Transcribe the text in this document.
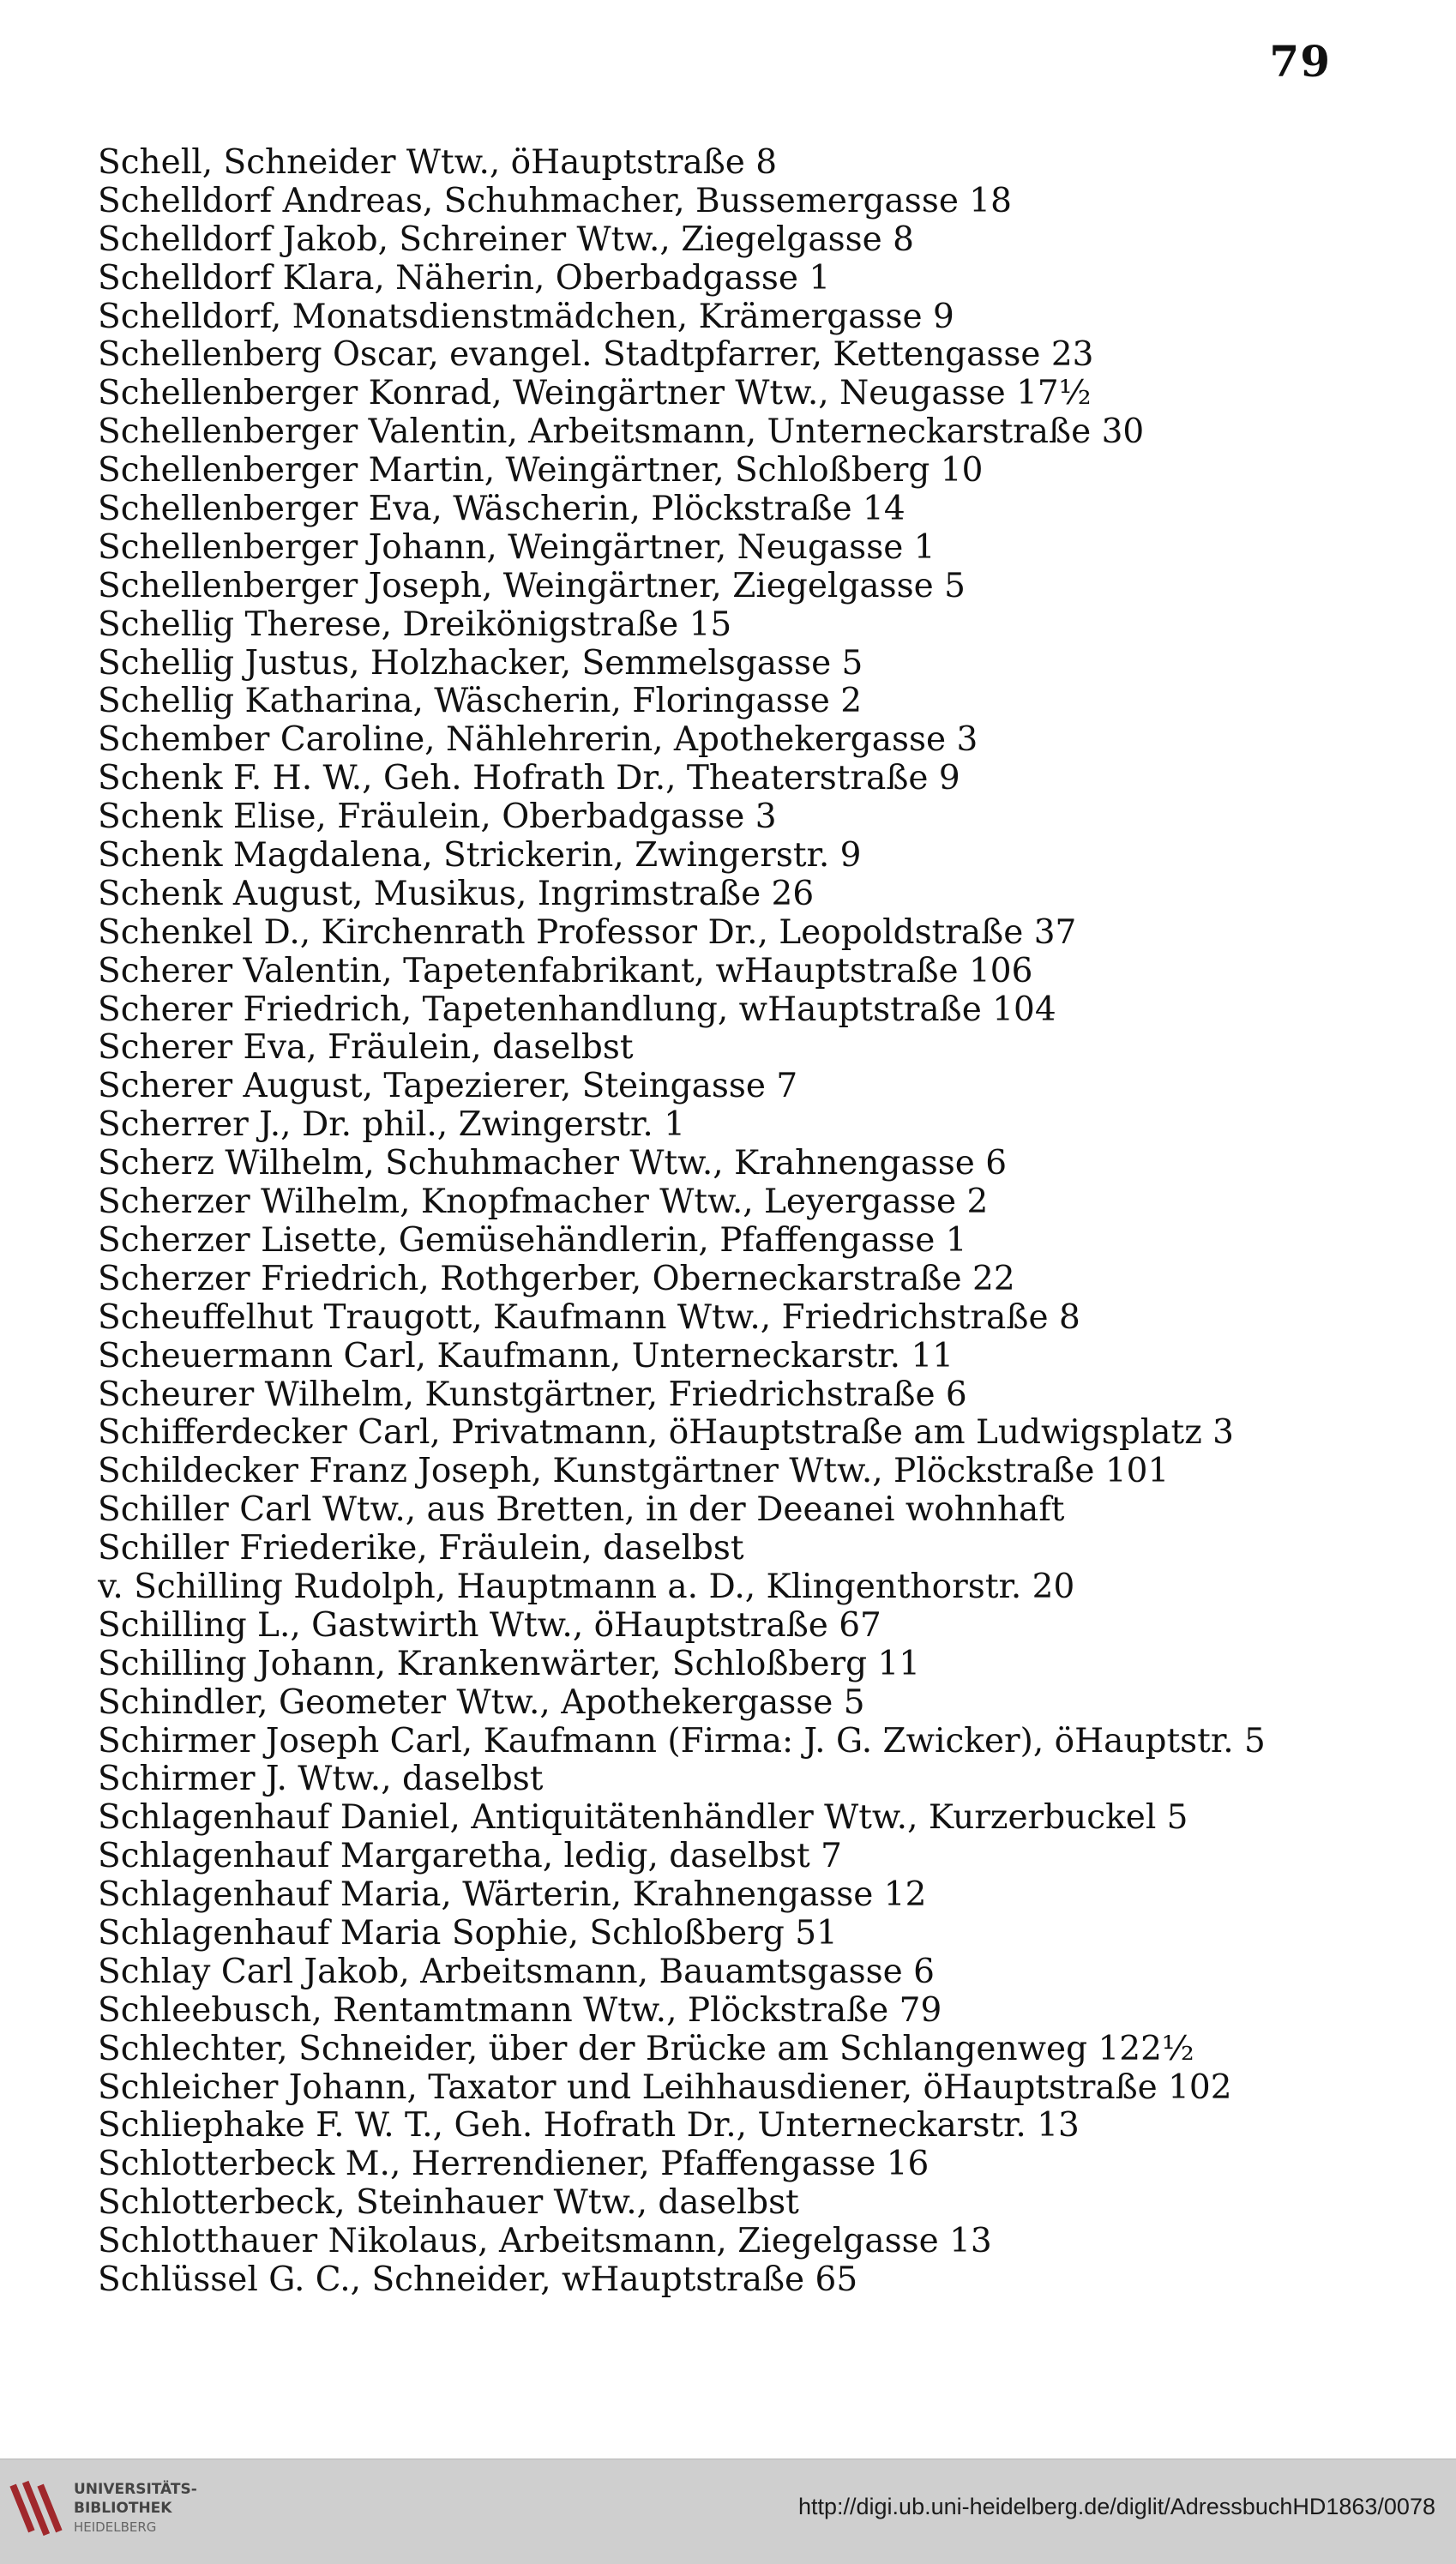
79
Schell, Schneider Wtw., öHauptstraße 8
Schelldorf Andreas, Schuhmacher, Bussemergasse 18
Schelldorf Jakob, Schreiner Wtw., Ziegelgasse 8
Schelldorf Klara, Näherin, Oberbadgasse 1
Schelldorf, Monatsdienstmädchen, Krämergasse 9
Schellenberg Oscar, evangel. Stadtpfarrer, Kettengasse 23
Schellenberger Konrad, Weingärtner Wtw., Neugasse 17½
Schellenberger Valentin, Arbeitsmann, Unterneckarstraße 30
Schellenberger Martin, Weingärtner, Schloßberg 10
Schellenberger Eva, Wäscherin, Plöckstraße 14
Schellenberger Johann, Weingärtner, Neugasse 1
Schellenberger Joseph, Weingärtner, Ziegelgasse 5
Schellig Therese, Dreikönigstraße 15
Schellig Justus, Holzhacker, Semmelsgasse 5
Schellig Katharina, Wäscherin, Floringasse 2
Schember Caroline, Nählehrerin, Apothekergasse 3
Schenk F. H. W., Geh. Hofrath Dr., Theaterstraße 9
Schenk Elise, Fräulein, Oberbadgasse 3
Schenk Magdalena, Strickerin, Zwingerstr. 9
Schenk August, Musikus, Ingrimstraße 26
Schenkel D., Kirchenrath Professor Dr., Leopoldstraße 37
Scherer Valentin, Tapetenfabrikant, wHauptstraße 106
Scherer Friedrich, Tapetenhandlung, wHauptstraße 104
Scherer Eva, Fräulein, daselbst
Scherer August, Tapezierer, Steingasse 7
Scherrer J., Dr. phil., Zwingerstr. 1
Scherz Wilhelm, Schuhmacher Wtw., Krahnengasse 6
Scherzer Wilhelm, Knopfmacher Wtw., Leyergasse 2
Scherzer Lisette, Gemüsehändlerin, Pfaffengasse 1
Scherzer Friedrich, Rothgerber, Oberneckarstraße 22
Scheuffelhut Traugott, Kaufmann Wtw., Friedrichstraße 8
Scheuermann Carl, Kaufmann, Unterneckarstr. 11
Scheurer Wilhelm, Kunstgärtner, Friedrichstraße 6
Schifferdecker Carl, Privatmann, öHauptstraße am Ludwigsplatz 3
Schildecker Franz Joseph, Kunstgärtner Wtw., Plöckstraße 101
Schiller Carl Wtw., aus Bretten, in der Deeanei wohnhaft
Schiller Friederike, Fräulein, daselbst
v. Schilling Rudolph, Hauptmann a. D., Klingenthorstr. 20
Schilling L., Gastwirth Wtw., öHauptstraße 67
Schilling Johann, Krankenwärter, Schloßberg 11
Schindler, Geometer Wtw., Apothekergasse 5
Schirmer Joseph Carl, Kaufmann (Firma: J. G. Zwicker), öHauptstr. 5
Schirmer J. Wtw., daselbst
Schlagenhauf Daniel, Antiquitätenhändler Wtw., Kurzerbuckel 5
Schlagenhauf Margaretha, ledig, daselbst 7
Schlagenhauf Maria, Wärterin, Krahnengasse 12
Schlagenhauf Maria Sophie, Schloßberg 51
Schlay Carl Jakob, Arbeitsmann, Bauamtsgasse 6
Schleebusch, Rentamtmann Wtw., Plöckstraße 79
Schlechter, Schneider, über der Brücke am Schlangenweg 122½
Schleicher Johann, Taxator und Leihhausdiener, öHauptstraße 102
Schliephake F. W. T., Geh. Hofrath Dr., Unterneckarstr. 13
Schlotterbeck M., Herrendiener, Pfaffengasse 16
Schlotterbeck, Steinhauer Wtw., daselbst
Schlotthauer Nikolaus, Arbeitsmann, Ziegelgasse 13
Schlüssel G. C., Schneider, wHauptstraße 65
UNIVERSITÄTS-
BIBLIOTHEK
HEIDELBERG
http://digi.ub.uni-heidelberg.de/diglit/AdressbuchHD1863/0078
